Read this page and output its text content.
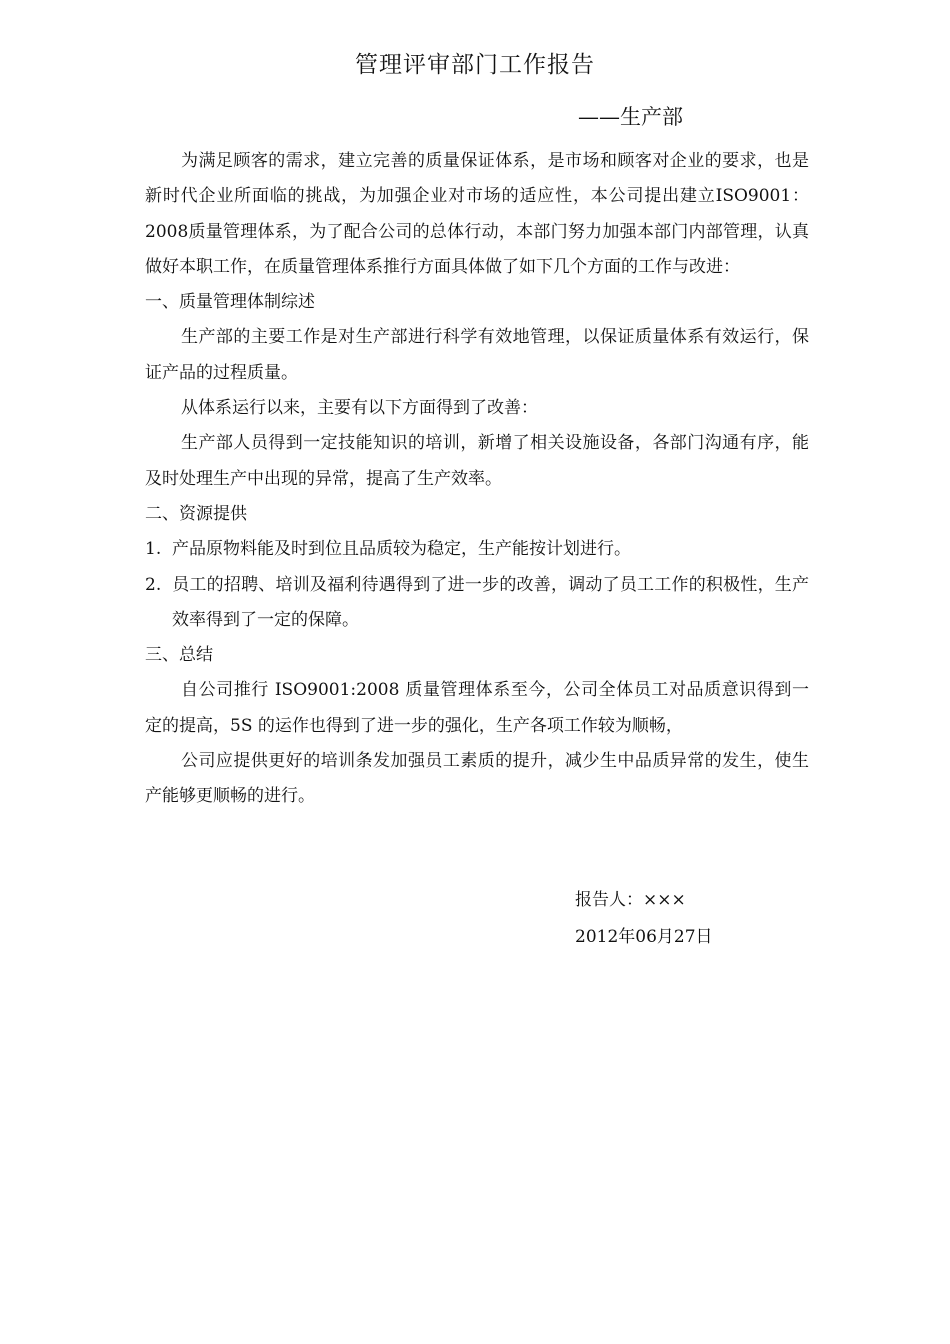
管理评审部门工作报告
——生产部

为满足顾客的需求，建立完善的质量保证体系，是市场和顾客对企业的要求，也是新时代企业所面临的挑战，为加强企业对市场的适应性，本公司提出建立ISO9001：2008质量管理体系，为了配合公司的总体行动，本部门努力加强本部门内部管理，认真做好本职工作，在质量管理体系推行方面具体做了如下几个方面的工作与改进：

一、质量管理体制综述

生产部的主要工作是对生产部进行科学有效地管理，以保证质量体系有效运行，保证产品的过程质量。

从体系运行以来，主要有以下方面得到了改善：

生产部人员得到一定技能知识的培训，新增了相关设施设备，各部门沟通有序，能及时处理生产中出现的异常，提高了生产效率。

二、资源提供

1. 产品原物料能及时到位且品质较为稳定，生产能按计划进行。

2. 员工的招聘、培训及福利待遇得到了进一步的改善，调动了员工工作的积极性，生产效率得到了一定的保障。

三、总结

自公司推行 ISO9001:2008 质量管理体系至今，公司全体员工对品质意识得到一定的提高，5S 的运作也得到了进一步的强化，生产各项工作较为顺畅，

公司应提供更好的培训条发加强员工素质的提升，减少生中品质异常的发生，使生产能够更顺畅的进行。

报告人：×××
2012年06月27日
